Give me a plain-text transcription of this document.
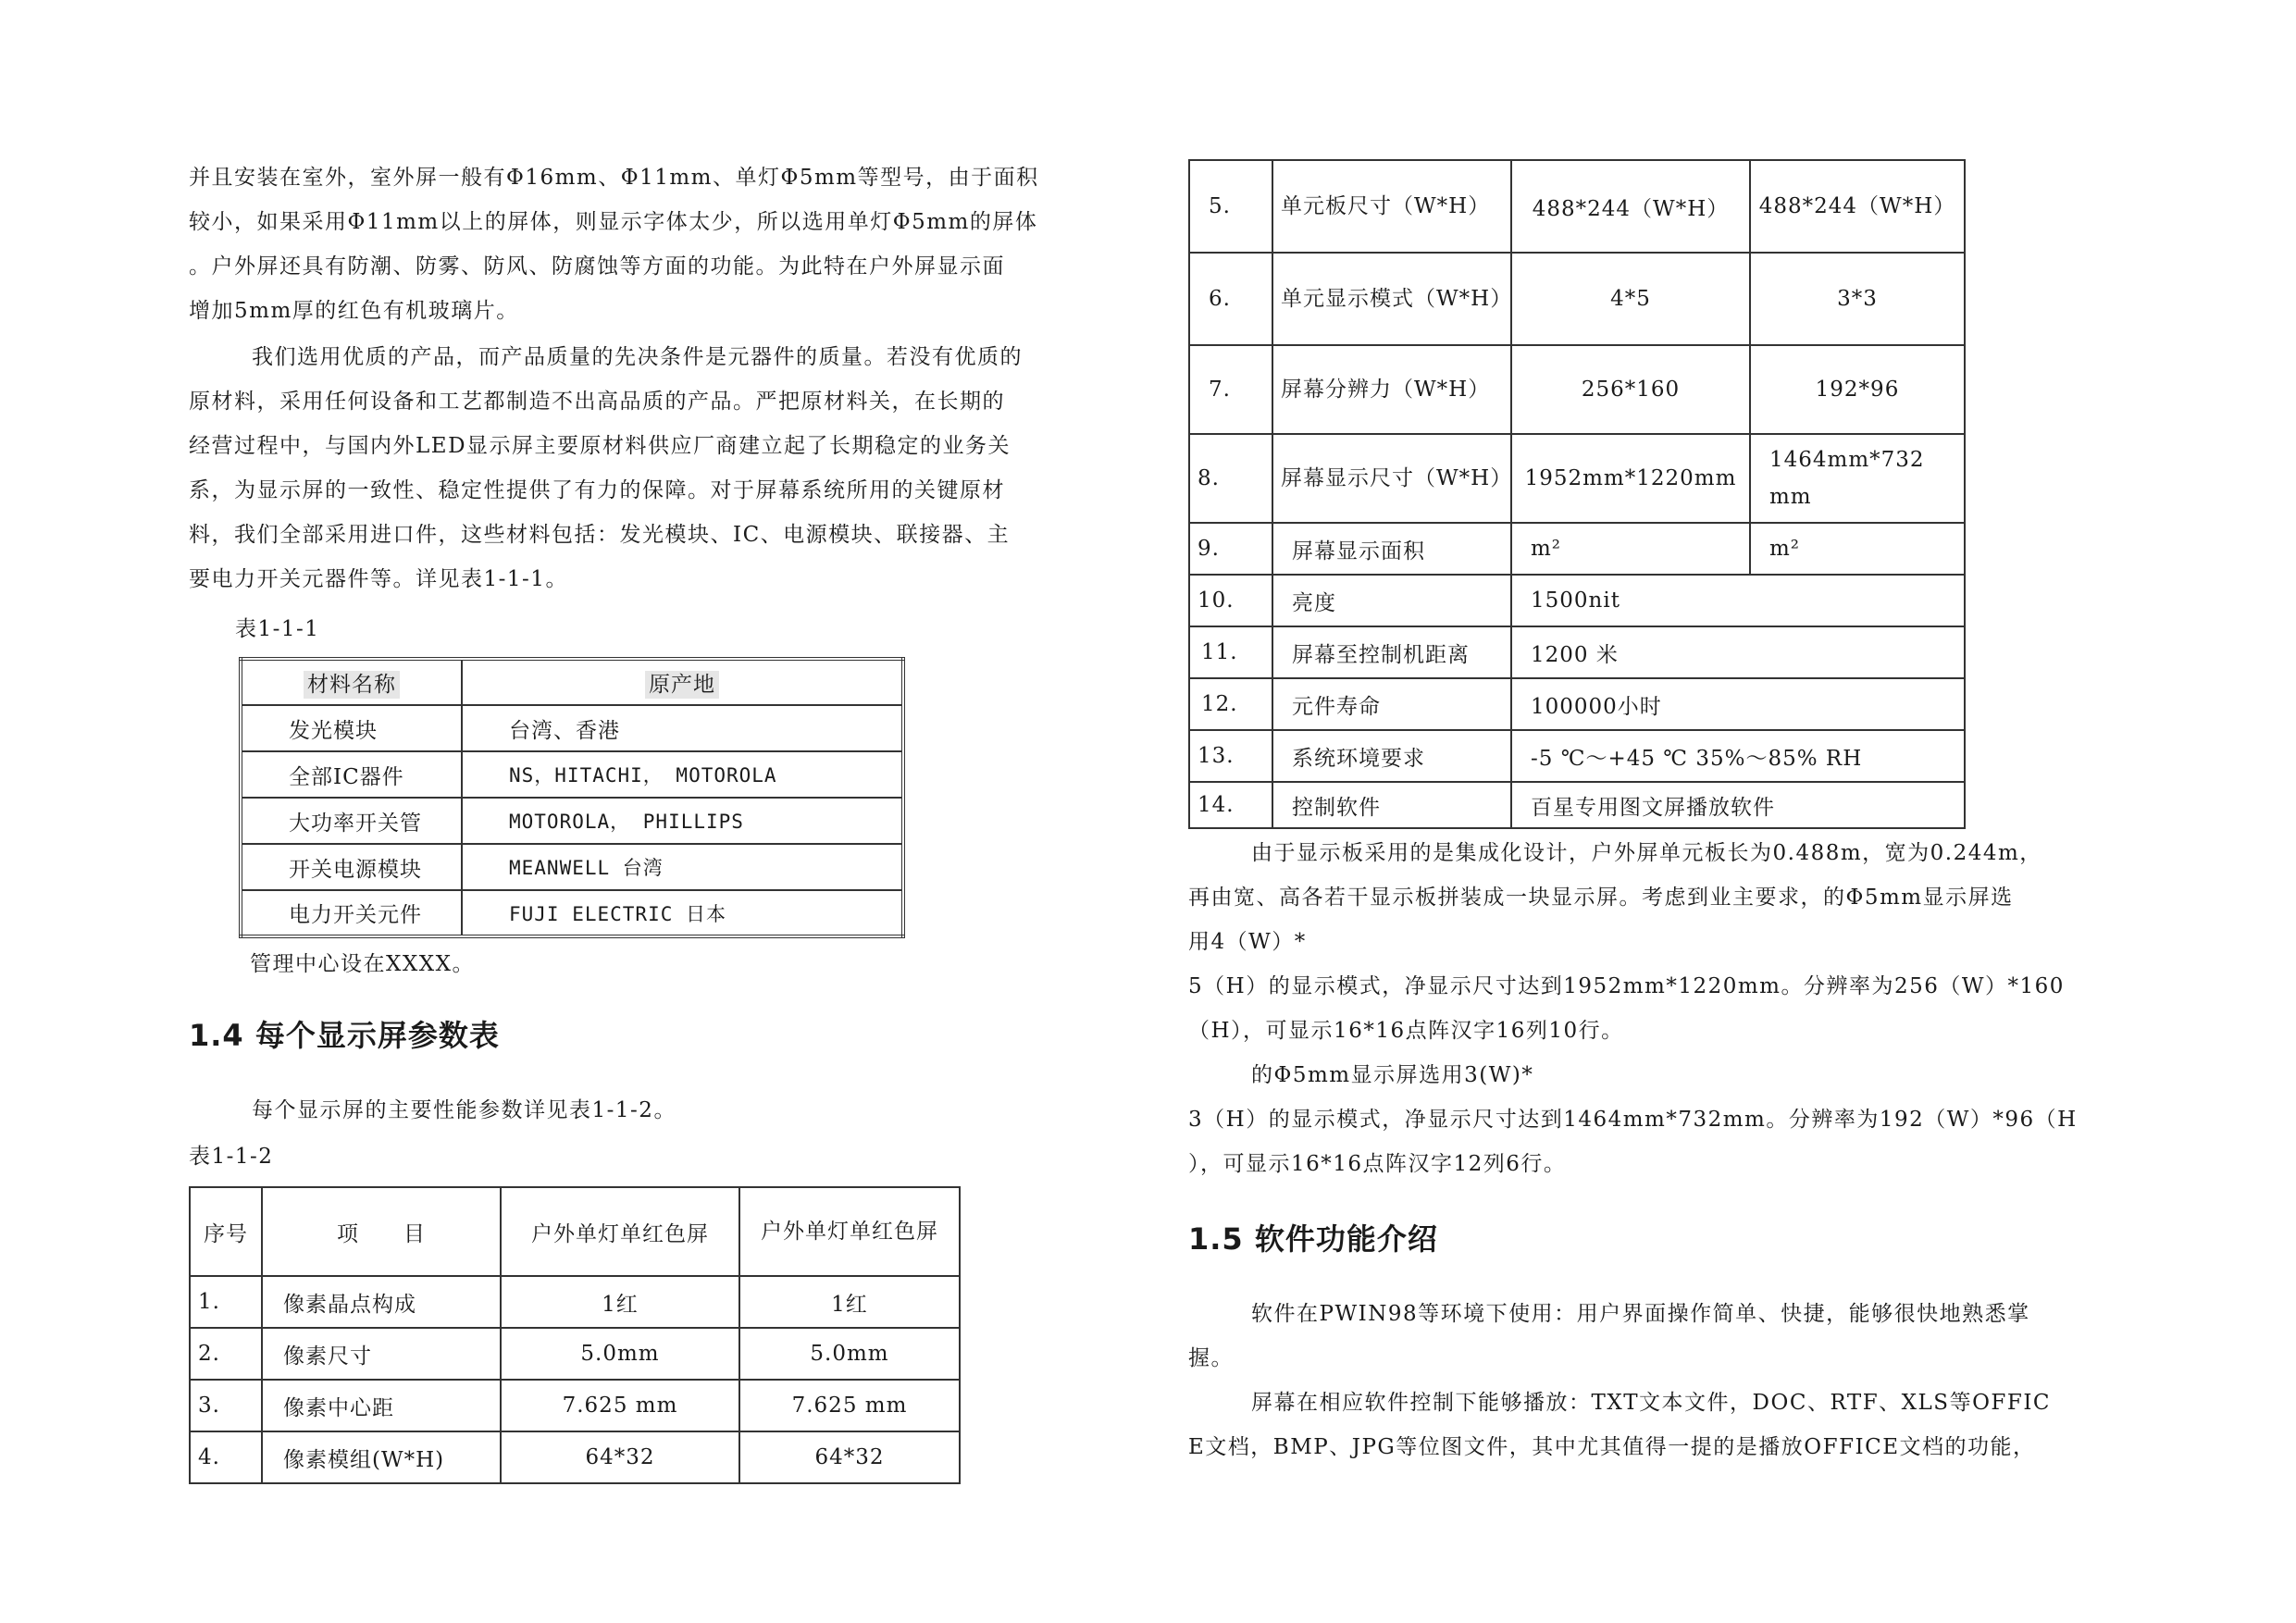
并且安装在室外，室外屏一般有Φ16mm、Φ11mm、单灯Φ5mm等型号，由于面积
较小，如果采用Φ11mm以上的屏体，则显示字体太少，所以选用单灯Φ5mm的屏体
。户外屏还具有防潮、防雾、防风、防腐蚀等方面的功能。为此特在户外屏显示面
增加5mm厚的红色有机玻璃片。
我们选用优质的产品，而产品质量的先决条件是元器件的质量。若没有优质的
原材料，采用任何设备和工艺都制造不出高品质的产品。严把原材料关，在长期的
经营过程中，与国内外LED显示屏主要原材料供应厂商建立起了长期稳定的业务关
系，为显示屏的一致性、稳定性提供了有力的保障。对于屏幕系统所用的关键原材
料，我们全部采用进口件，这些材料包括：发光模块、IC、电源模块、联接器、主
要电力开关元器件等。详见表1-1-1。
表1-1-1
材料名称	原产地
发光模块	台湾、香港
全部IC器件	NS，HITACHI， MOTOROLA
大功率开关管	MOTOROLA， PHILLIPS
开关电源模块	MEANWELL 台湾
电力开关元件	FUJI ELECTRIC 日本
管理中心设在XXXX。
1.4 每个显示屏参数表
每个显示屏的主要性能参数详见表1-1-2。
表1-1-2
序号	项　　目	户外单灯单红色屏	户外单灯单红色屏
1.	像素晶点构成	1红	1红
2.	像素尺寸	5.0mm	5.0mm
3.	像素中心距	7.625 mm	7.625 mm
4.	像素模组(W*H)	64*32	64*32
5.	单元板尺寸（W*H）	488*244（W*H）	488*244（W*H）
6.	单元显示模式（W*H）	4*5	3*3
7.	屏幕分辨力（W*H）	256*160	192*96
8.	屏幕显示尺寸（W*H）	1952mm*1220mm	1464mm*732 mm
9.	屏幕显示面积	m²	m²
10.	亮度	1500nit	
11.	屏幕至控制机距离	1200 米	
12.	元件寿命	100000小时	
13.	系统环境要求	-5 ℃～+45 ℃ 35%～85% RH	
14.	控制软件	百星专用图文屏播放软件	
由于显示板采用的是集成化设计，户外屏单元板长为0.488m，宽为0.244m，
再由宽、高各若干显示板拼装成一块显示屏。考虑到业主要求，的Φ5mm显示屏选
用4（W）*
5（H）的显示模式，净显示尺寸达到1952mm*1220mm。分辨率为256（W）*160
（H），可显示16*16点阵汉字16列10行。
的Φ5mm显示屏选用3(W)*
3（H）的显示模式，净显示尺寸达到1464mm*732mm。分辨率为192（W）*96（H
），可显示16*16点阵汉字12列6行。
1.5 软件功能介绍
软件在PWIN98等环境下使用：用户界面操作简单、快捷，能够很快地熟悉掌
握。
屏幕在相应软件控制下能够播放：TXT文本文件，DOC、RTF、XLS等OFFIC
E文档，BMP、JPG等位图文件，其中尤其值得一提的是播放OFFICE文档的功能，
